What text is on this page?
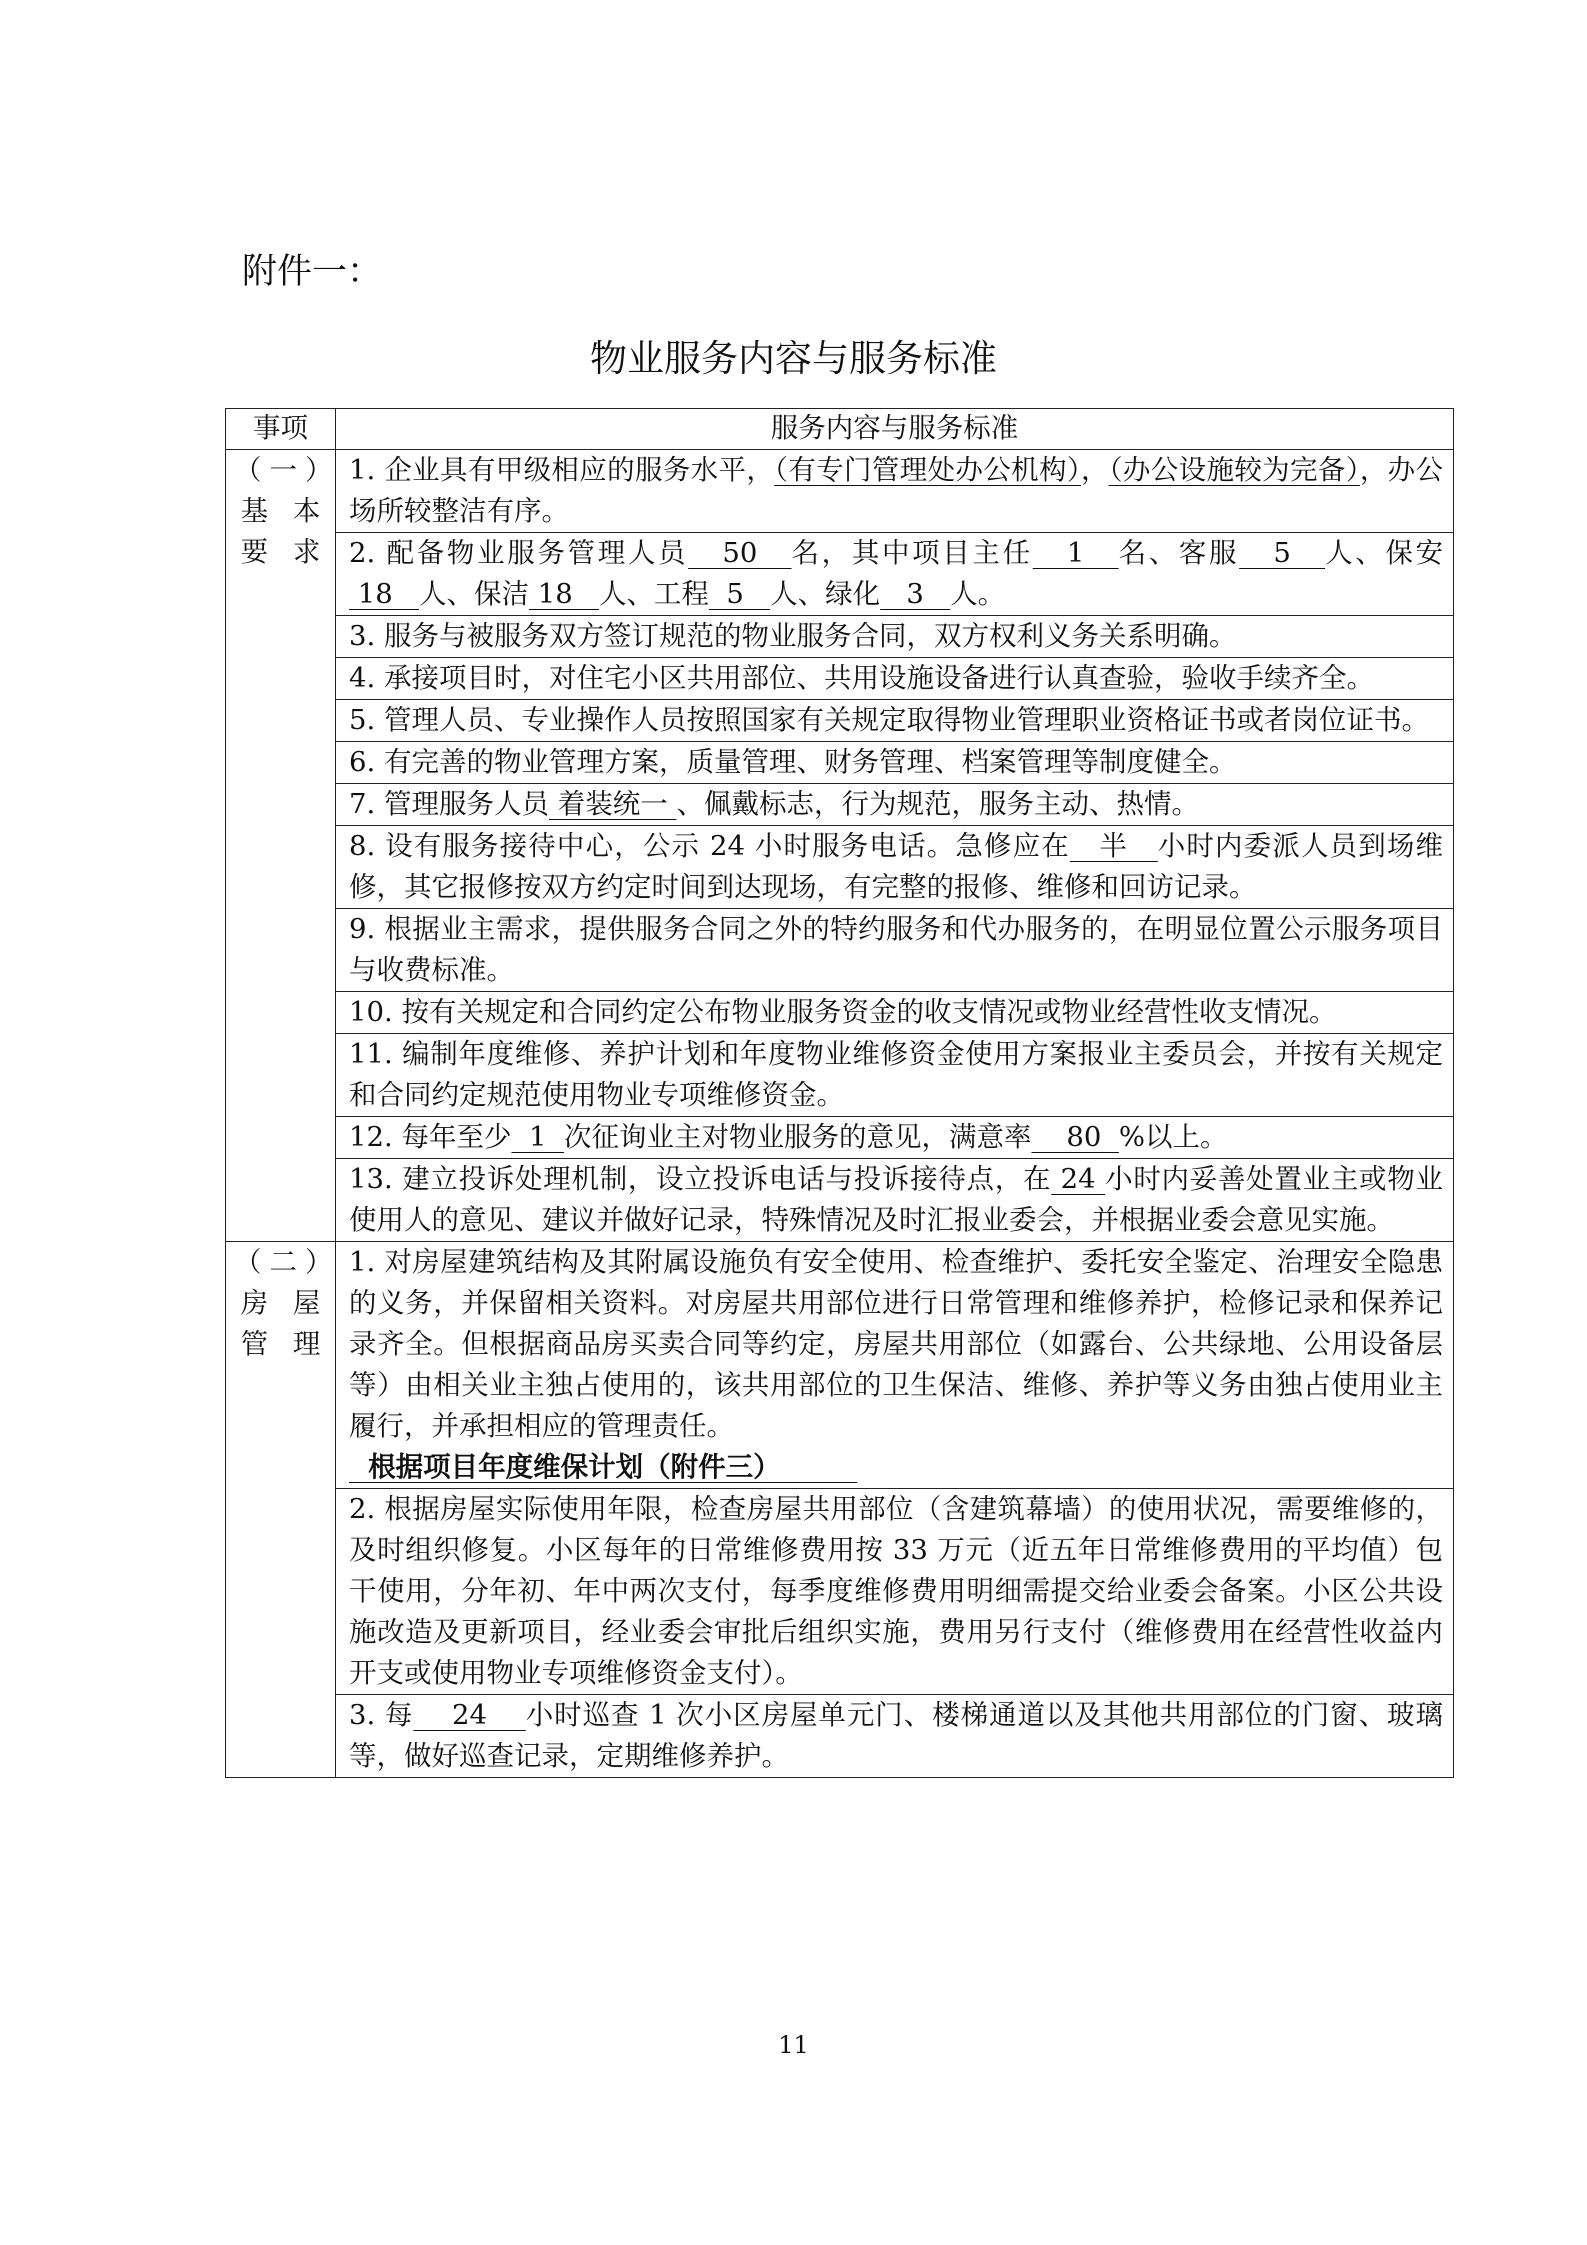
附件一：
物业服务内容与服务标准
事项	服务内容与服务标准

（一）
基 本
要 求	1. 企业具有甲级相应的服务水平，（有专门管理处办公机构），（办公设施较为完备），办公场所较整洁有序。
	2. 配备物业服务管理人员   50   名，其中项目主任   1   名、客服   5   人、保安 18   人、保洁 18   人、工程  5   人、绿化   3   人。
	3. 服务与被服务双方签订规范的物业服务合同，双方权利义务关系明确。
	4. 承接项目时，对住宅小区共用部位、共用设施设备进行认真查验，验收手续齐全。
	5. 管理人员、专业操作人员按照国家有关规定取得物业管理职业资格证书或者岗位证书。
	6. 有完善的物业管理方案，质量管理、财务管理、档案管理等制度健全。
	7. 管理服务人员 着装统一 、佩戴标志，行为规范，服务主动、热情。
	8. 设有服务接待中心，公示 24 小时服务电话。急修应在   半   小时内委派人员到场维修，其它报修按双方约定时间到达现场，有完整的报修、维修和回访记录。
	9. 根据业主需求，提供服务合同之外的特约服务和代办服务的，在明显位置公示服务项目与收费标准。
	10. 按有关规定和合同约定公布物业服务资金的收支情况或物业经营性收支情况。
	11. 编制年度维修、养护计划和年度物业维修资金使用方案报业主委员会，并按有关规定和合同约定规范使用物业专项维修资金。
	12. 每年至少  1  次征询业主对物业服务的意见，满意率    80  %以上。
	13. 建立投诉处理机制，设立投诉电话与投诉接待点，在 24 小时内妥善处置业主或物业使用人的意见、建议并做好记录，特殊情况及时汇报业委会，并根据业委会意见实施。

（二）
房 屋
管 理	1. 对房屋建筑结构及其附属设施负有安全使用、检查维护、委托安全鉴定、治理安全隐患的义务，并保留相关资料。对房屋共用部位进行日常管理和维修养护，检修记录和保养记录齐全。但根据商品房买卖合同等约定，房屋共用部位（如露台、公共绿地、公用设备层等）由相关业主独占使用的，该共用部位的卫生保洁、维修、养护等义务由独占使用业主履行，并承担相应的管理责任。
根据项目年度维保计划（附件三）
	2. 根据房屋实际使用年限，检查房屋共用部位（含建筑幕墙）的使用状况，需要维修的，及时组织修复。小区每年的日常维修费用按 33 万元（近五年日常维修费用的平均值）包干使用，分年初、年中两次支付，每季度维修费用明细需提交给业委会备案。小区公共设施改造及更新项目，经业委会审批后组织实施，费用另行支付（维修费用在经营性收益内开支或使用物业专项维修资金支付）。
	3. 每    24    小时巡查 1 次小区房屋单元门、楼梯通道以及其他共用部位的门窗、玻璃等，做好巡查记录，定期维修养护。
11
